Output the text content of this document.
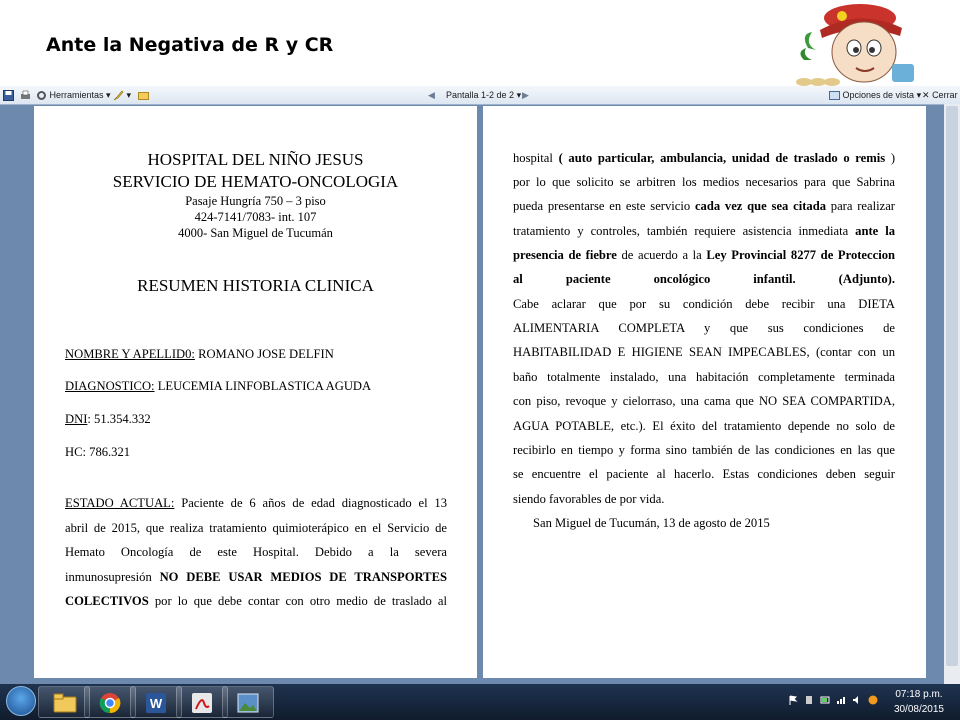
Ante la Negativa de R y CR
Herramientas ▾	▾	◀ Pantalla 1-2 de 2 ▾ ▶	Opciones de vista ▾ ✕ Cerrar
HOSPITAL DEL NIÑO JESUS
SERVICIO DE HEMATO-ONCOLOGIA
Pasaje Hungría 750 – 3 piso
424-7141/7083- int. 107
4000- San Miguel de Tucumán
RESUMEN HISTORIA CLINICA
NOMBRE Y APELLID0: ROMANO JOSE DELFIN
DIAGNOSTICO: LEUCEMIA LINFOBLASTICA AGUDA
DNI: 51.354.332
HC: 786.321
ESTADO ACTUAL: Paciente de 6 años de edad diagnosticado el 13
abril de 2015, que realiza tratamiento quimioterápico en el Servicio de
Hemato Oncología de este Hospital. Debido a la severa
inmunosupresión NO DEBE USAR MEDIOS DE TRANSPORTES
COLECTIVOS por lo que debe contar con otro medio de traslado al
hospital ( auto particular, ambulancia, unidad de traslado o remis )
por lo que solicito se arbitren los medios necesarios para que Sabrina
pueda presentarse en este servicio cada vez que sea citada para realizar
tratamiento y controles, también requiere asistencia inmediata ante la
presencia de fiebre de acuerdo a la Ley Provincial 8277 de Proteccion
al	paciente	oncológico	infantil.	(Adjunto).
Cabe aclarar que por su condición debe recibir una DIETA
ALIMENTARIA COMPLETA y que sus condiciones de
HABITABILIDAD E HIGIENE SEAN IMPECABLES, (contar con un
baño totalmente instalado, una habitación completamente terminada
con piso, revoque y cielorraso, una cama que NO SEA COMPARTIDA,
AGUA POTABLE, etc.). El éxito del tratamiento depende no solo de
recibirlo en tiempo y forma sino también de las condiciones en las que
se encuentre el paciente al hacerlo. Estas condiciones deben seguir
siendo favorables de por vida.
San Miguel de Tucumán, 13 de agosto de 2015
W
07:18 p.m.
30/08/2015
